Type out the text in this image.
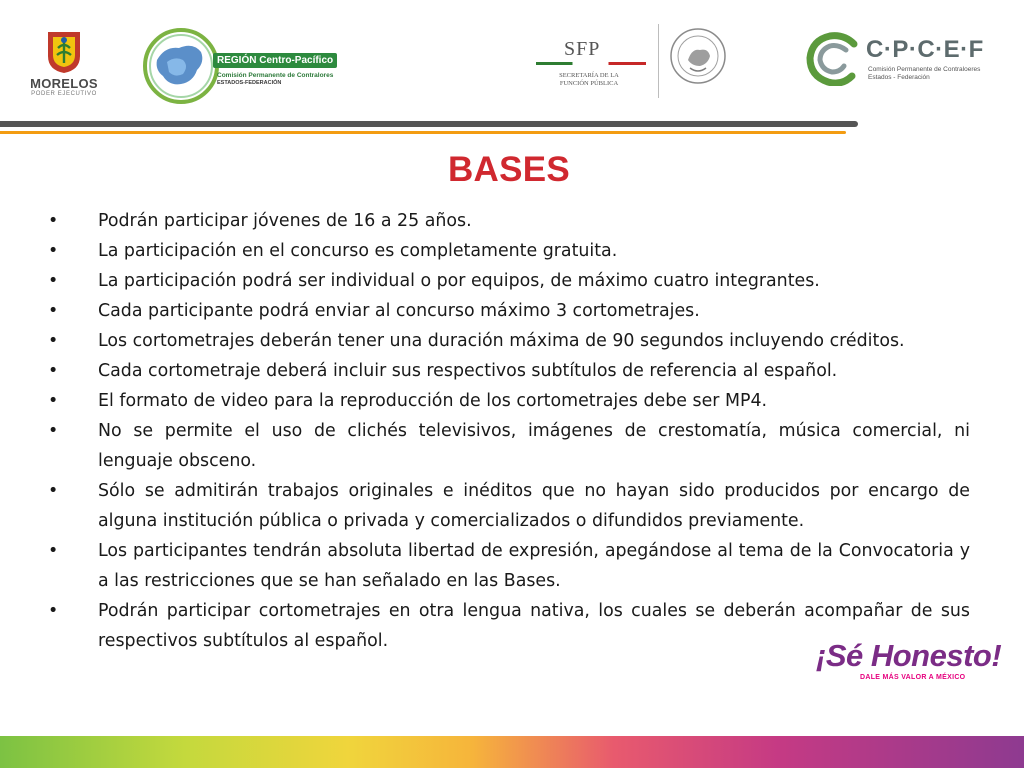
MORELOS
PODER EJECUTIVO
REGIÓN Centro-Pacífico
Comisión Permanente de Contralores
ESTADOS-FEDERACIÓN
SFP
SECRETARÍA DE LA FUNCIÓN PÚBLICA
C·P·C·E·F
Comisión Permanente de Contraloeres
Estados - Federación
BASES
• Podrán participar jóvenes de 16 a 25 años.
• La participación en el concurso es completamente gratuita.
• La participación podrá ser individual o por equipos, de máximo cuatro integrantes.
• Cada participante podrá enviar al concurso máximo 3 cortometrajes.
• Los cortometrajes deberán tener una duración máxima de 90 segundos incluyendo créditos.
• Cada cortometraje deberá incluir sus respectivos subtítulos de referencia al español.
• El formato de video para la reproducción de los cortometrajes debe ser MP4.
• No se permite el uso de clichés televisivos, imágenes de crestomatía, música comercial, ni lenguaje obsceno.
• Sólo se admitirán trabajos originales e inéditos que no hayan sido producidos por encargo de alguna institución pública o privada y comercializados o difundidos previamente.
• Los participantes tendrán absoluta libertad de expresión, apegándose al tema de la Convocatoria y a las restricciones que se han señalado en las Bases.
• Podrán participar cortometrajes en otra lengua nativa, los cuales se deberán acompañar de sus respectivos subtítulos al español.	¡Sé Honesto!
DALE MÁS VALOR A MÉXICO
